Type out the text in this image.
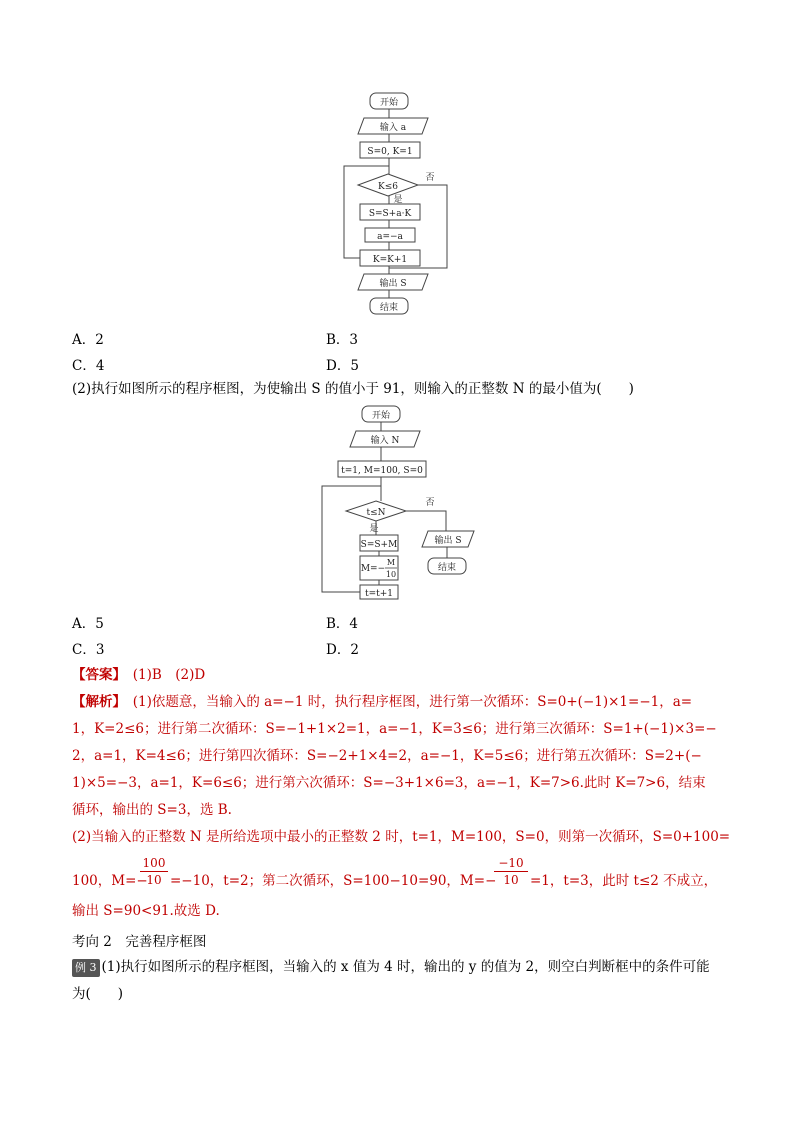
开始
输入 a
S=0, K=1
K≤6
否
是
S=S+a·K
a=−a
K=K+1
输出 S
结束
A．2	B．3
C．4	D．5
(2)执行如图所示的程序框图，为使输出 S 的值小于 91，则输入的正整数 N 的最小值为(　　)
开始
输入 N
t=1, M=100, S=0
t≤N
否
是
S=S+M
M=−
M
10
t=t+1
输出 S
结束
A．5	B．4
C．3	D．2
【答案】　(1)B　(2)D
【解析】　(1)依题意，当输入的 a=−1 时，执行程序框图，进行第一次循环：S=0+(−1)×1=−1，a=
1，K=2≤6；进行第二次循环：S=−1+1×2=1，a=−1，K=3≤6；进行第三次循环：S=1+(−1)×3=−
2，a=1，K=4≤6；进行第四次循环：S=−2+1×4=2，a=−1，K=5≤6；进行第五次循环：S=2+(−
1)×5=−3，a=1，K=6≤6；进行第六次循环：S=−3+1×6=3，a=−1，K=7>6.此时 K=7>6，结束
循环，输出的 S=3，选 B.
(2)当输入的正整数 N 是所给选项中最小的正整数 2 时，t=1，M=100，S=0，则第一次循环，S=0+100=
100，M=−
100
10 =−10，t=2；第二次循环，S=100−10=90，M=−
−10
10 =1，t=3，此时 t≤2 不成立，
输出 S=90<91.故选 D.
考向 2　完善程序框图
例 3 (1)执行如图所示的程序框图，当输入的 x 值为 4 时，输出的 y 的值为 2，则空白判断框中的条件可能
为(　　)
